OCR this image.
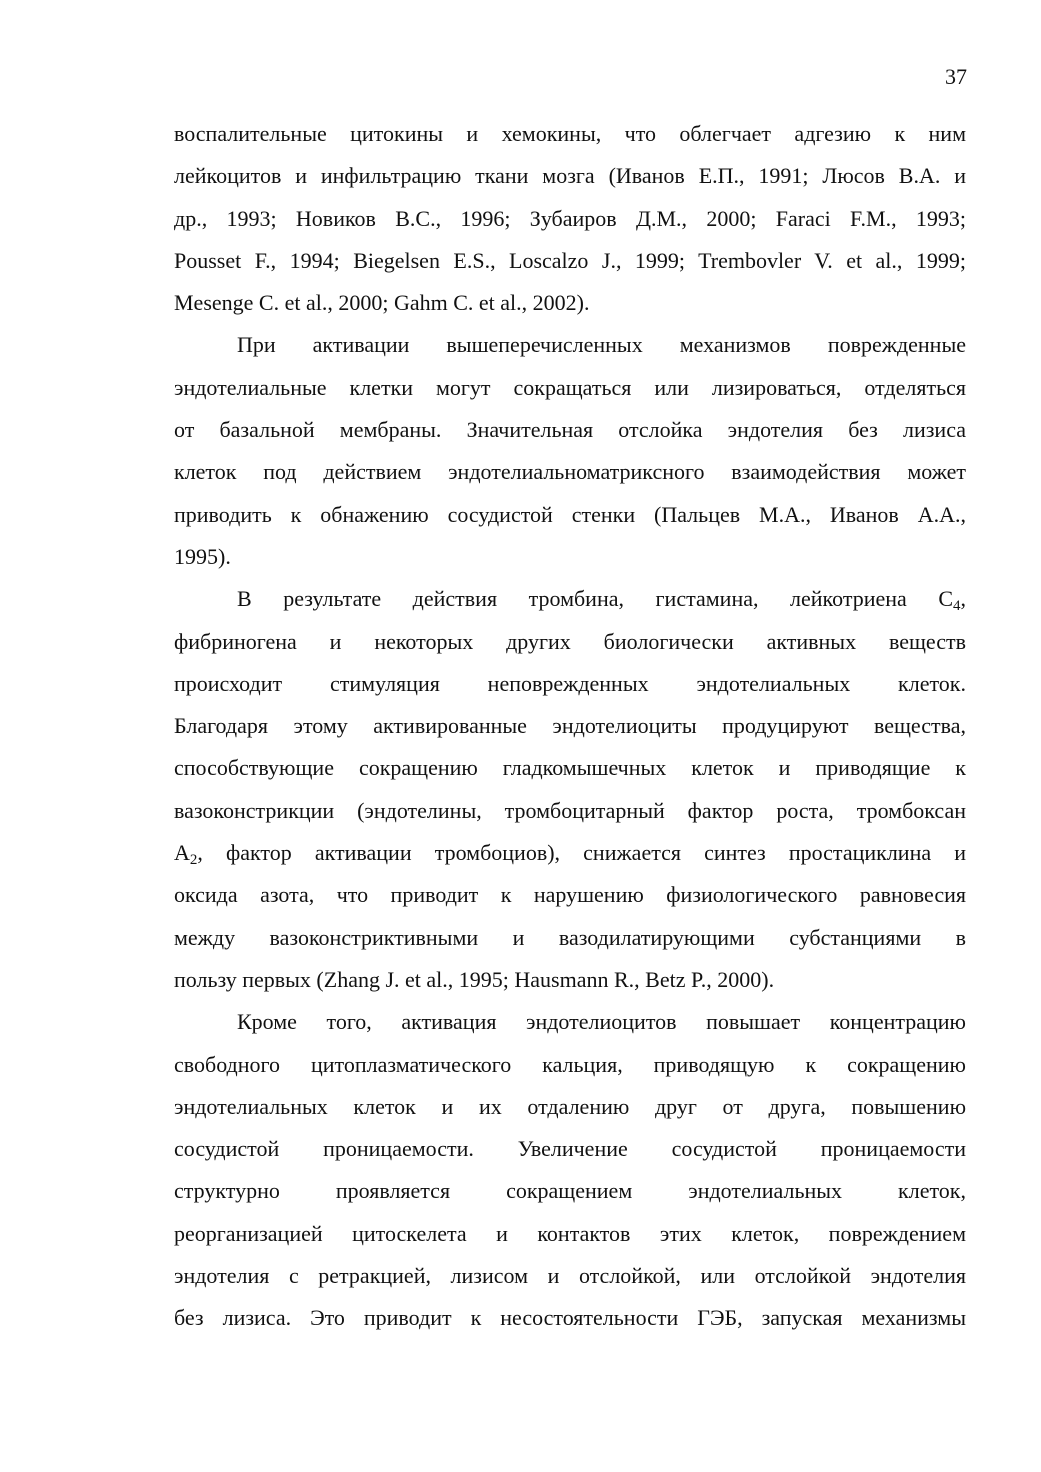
37
воспалительные цитокины и хемокины, что облегчает адгезию к ним
лейкоцитов и инфильтрацию ткани мозга (Иванов Е.П., 1991; Люсов В.А. и
др., 1993; Новиков В.С., 1996; Зубаиров Д.М., 2000; Faraci F.M., 1993;
Pousset F., 1994; Biegelsen E.S., Loscalzo J., 1999; Trembovler V. et al., 1999;
Mesenge C. et al., 2000; Gahm C. et al., 2002).
При активации вышеперечисленных механизмов поврежденные
эндотелиальные клетки могут сокращаться или лизироваться, отделяться
от базальной мембраны. Значительная отслойка эндотелия без лизиса
клеток под действием эндотелиальноматриксного взаимодействия может
приводить к обнажению сосудистой стенки (Пальцев М.А., Иванов А.А.,
1995).
В результате действия тромбина, гистамина, лейкотриена $С_4$,
фибриногена и некоторых других биологически активных веществ
происходит стимуляция неповрежденных эндотелиальных клеток.
Благодаря этому активированные эндотелиоциты продуцируют вещества,
способствующие сокращению гладкомышечных клеток и приводящие к
вазоконстрикции (эндотелины, тромбоцитарный фактор роста, тромбоксан
$А_2$, фактор активации тромбоциов), снижается синтез простациклина и
оксида азота, что приводит к нарушению физиологического равновесия
между вазоконстриктивными и вазодилатирующими субстанциями в
пользу первых (Zhang J. et al., 1995; Hausmann R., Betz P., 2000).
Кроме того, активация эндотелиоцитов повышает концентрацию
свободного цитоплазматического кальция, приводящую к сокращению
эндотелиальных клеток и их отдалению друг от друга, повышению
сосудистой проницаемости. Увеличение сосудистой проницаемости
структурно проявляется сокращением эндотелиальных клеток,
реорганизацией цитоскелета и контактов этих клеток, повреждением
эндотелия с ретракцией, лизисом и отслойкой, или отслойкой эндотелия
без лизиса. Это приводит к несостоятельности ГЭБ, запуская механизмы
